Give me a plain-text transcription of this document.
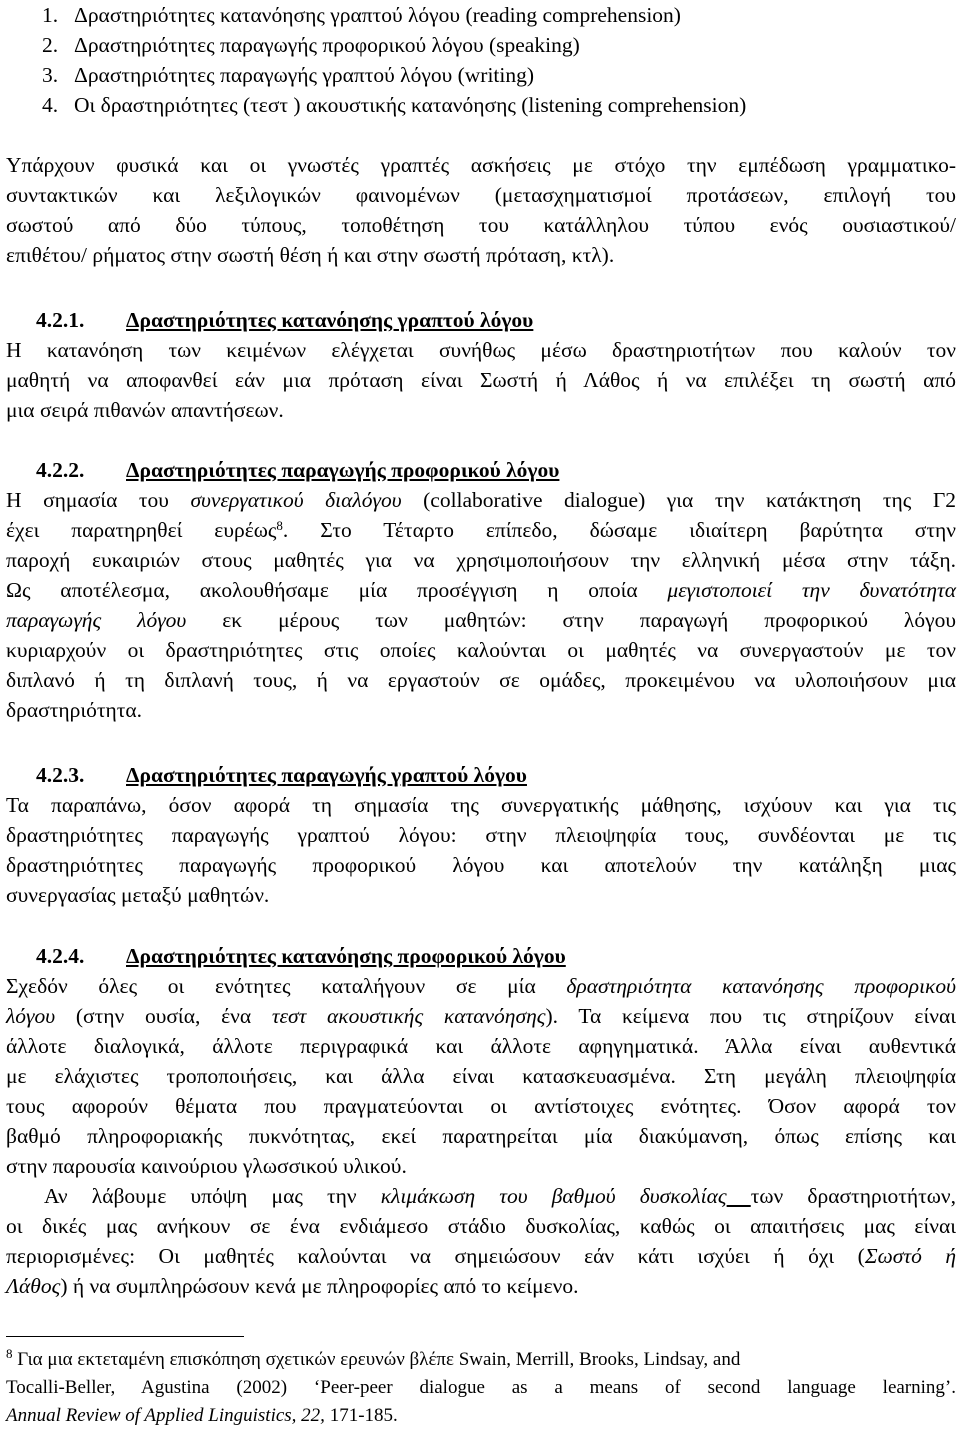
1. Δραστηριότητες κατανόησης γραπτού λόγου (reading comprehension)
2. Δραστηριότητες παραγωγής προφορικού λόγου (speaking)
3. Δραστηριότητες παραγωγής γραπτού λόγου (writing)
4. Οι δραστηριότητες (τεστ ) ακουστικής κατανόησης (listening comprehension)
Υπάρχουν φυσικά και οι γνωστές γραπτές ασκήσεις με στόχο την εμπέδωση γραμματικο-
συντακτικών και λεξιλογικών φαινομένων (μετασχηματισμοί προτάσεων, επιλογή του
σωστού από δύο τύπους, τοποθέτηση του κατάλληλου τύπου ενός ουσιαστικού/
επιθέτου/ ρήματος στην σωστή θέση ή και στην σωστή πρόταση, κτλ).
4.2.1. Δραστηριότητες κατανόησης γραπτού λόγου
Η κατανόηση των κειμένων ελέγχεται συνήθως μέσω δραστηριοτήτων που καλούν τον
μαθητή να αποφανθεί εάν μια πρόταση είναι Σωστή ή Λάθος ή να επιλέξει τη σωστή από
μια σειρά πιθανών απαντήσεων.
4.2.2. Δραστηριότητες παραγωγής προφορικού λόγου
Η σημασία του συνεργατικού διαλόγου (collaborative dialogue) για την κατάκτηση της Γ2
έχει παρατηρηθεί ευρέως$^8$. Στο Τέταρτο επίπεδο, δώσαμε ιδιαίτερη βαρύτητα στην
παροχή ευκαιριών στους μαθητές για να χρησιμοποιήσουν την ελληνική μέσα στην τάξη.
Ως αποτέλεσμα, ακολουθήσαμε μία προσέγγιση η οποία μεγιστοποιεί την δυνατότητα
παραγωγής λόγου εκ μέρους των μαθητών: στην παραγωγή προφορικού λόγου
κυριαρχούν οι δραστηριότητες στις οποίες καλούνται οι μαθητές να συνεργαστούν με τον
διπλανό ή τη διπλανή τους, ή να εργαστούν σε ομάδες, προκειμένου να υλοποιήσουν μια
δραστηριότητα.
4.2.3. Δραστηριότητες παραγωγής γραπτού λόγου
Τα παραπάνω, όσον αφορά τη σημασία της συνεργατικής μάθησης, ισχύουν και για τις
δραστηριότητες παραγωγής γραπτού λόγου: στην πλειοψηφία τους, συνδέονται με τις
δραστηριότητες παραγωγής προφορικού λόγου και αποτελούν την κατάληξη μιας
συνεργασίας μεταξύ μαθητών.
4.2.4. Δραστηριότητες κατανόησης προφορικού λόγου
Σχεδόν όλες οι ενότητες καταλήγουν σε μία δραστηριότητα κατανόησης προφορικού
λόγου (στην ουσία, ένα τεστ ακουστικής κατανόησης). Τα κείμενα που τις στηρίζουν είναι
άλλοτε διαλογικά, άλλοτε περιγραφικά και άλλοτε αφηγηματικά. Άλλα είναι αυθεντικά
με ελάχιστες τροποποιήσεις, και άλλα είναι κατασκευασμένα. Στη μεγάλη πλειοψηφία
τους αφορούν θέματα που πραγματεύονται οι αντίστοιχες ενότητες. Όσον αφορά τον
βαθμό πληροφοριακής πυκνότητας, εκεί παρατηρείται μία διακύμανση, όπως επίσης και
στην παρουσία καινούριου γλωσσικού υλικού.
Αν λάβουμε υπόψη μας την κλιμάκωση του βαθμού δυσκολίας των δραστηριοτήτων,
οι δικές μας ανήκουν σε ένα ενδιάμεσο στάδιο δυσκολίας, καθώς οι απαιτήσεις μας είναι
περιορισμένες: Οι μαθητές καλούνται να σημειώσουν εάν κάτι ισχύει ή όχι (Σωστό ή
Λάθος) ή να συμπληρώσουν κενά με πληροφορίες από το κείμενο.
$^8$ Για μια εκτεταμένη επισκόπηση σχετικών ερευνών βλέπε Swain, Merrill, Brooks, Lindsay, and
Tocalli-Beller, Agustina (2002) ‘Peer-peer dialogue as a means of second language learning’.
Annual Review of Applied Linguistics, 22, 171-185.
